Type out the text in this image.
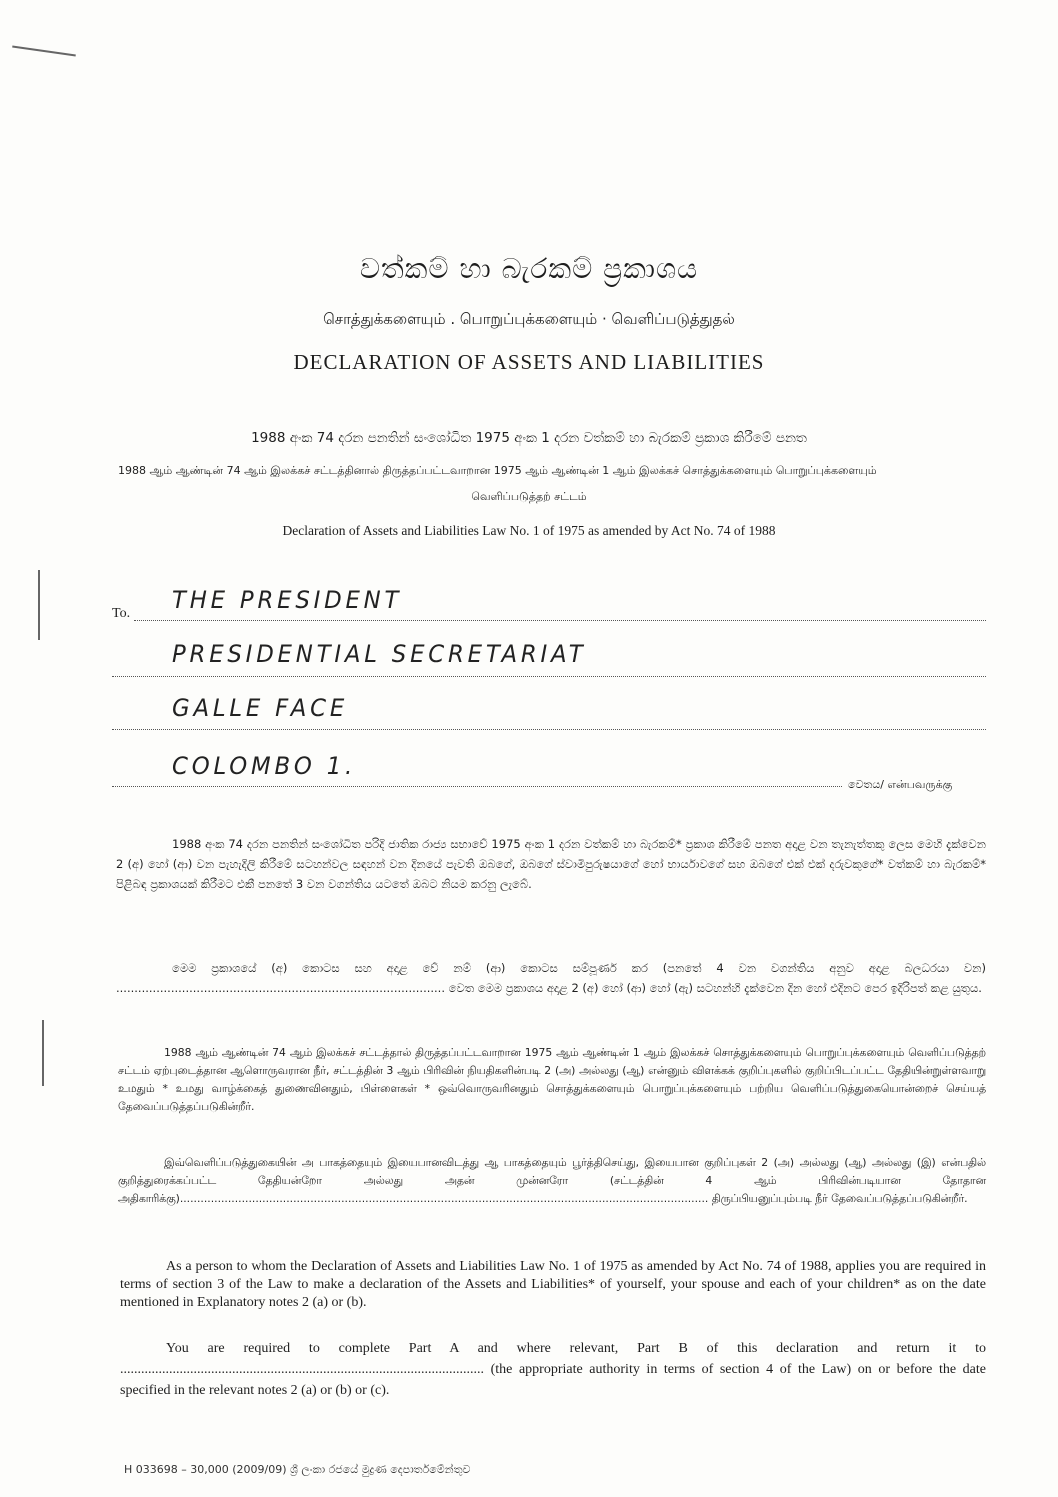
වත්කම් හා බැරකම් ප්‍රකාශය
சொத்துக்களையும் . பொறுப்புக்களையும் · வெளிப்படுத்துதல்
DECLARATION OF ASSETS AND LIABILITIES
1988 අංක 74 දරන පනතින් සංශෝධිත 1975 අංක 1 දරන වත්කම් හා බැරකම් ප්‍රකාශ කිරීමේ පනත
1988 ஆம் ஆண்டின் 74 ஆம் இலக்கச் சட்டத்தினால் திருத்தப்பட்டவாறான 1975 ஆம் ஆண்டின் 1 ஆம் இலக்கச் சொத்துக்களையும் பொறுப்புக்களையும்
வெளிப்படுத்தற் சட்டம்
Declaration of Assets and Liabilities Law No. 1 of 1975 as amended by Act No. 74 of 1988
To. THE PRESIDENT
PRESIDENTIAL SECRETARIAT
GALLE FACE
COLOMBO 1.
වෙතය/ என்பவருக்கு
1988 අංක 74 දරන පනතින් සංශෝධිත පරිදි ජාතික රාජ්‍ය සභාවේ 1975 අංක 1 දරන වත්කම් හා බැරකම්* ප්‍රකාශ කිරීමේ පනත අදාළ වන තැනැත්තකු ලෙස මෙහි දැක්වෙන 2 (අ) හෝ (ආ) වන පැහැදිලි කිරීමේ සටහන්වල සඳහන් වන දිනයේ පැවති ඔබගේ, ඔබගේ ස්වාමිපුරුෂයාගේ හෝ භාර්යාවගේ සහ ඔබගේ එක් එක් දරුවකුගේ* වත්කම් හා බැරකම්* පිළිබඳ ප්‍රකාශයක් කිරීමට එකී පනතේ 3 වන වගන්තිය යටතේ ඔබට නියම කරනු ලැබේ.
මෙම ප්‍රකාශයේ (අ) කොටස සහ අදාළ වේ නම් (ආ) කොටස සම්පූර්ණ කර (පනතේ 4 වන වගන්තිය අනුව අදාළ බලධරයා වන) .......................................................................................... වෙත මෙම ප්‍රකාශය අදාළ 2 (අ) හෝ (ආ) හෝ (ඇ) සටහන්හි දැක්වෙන දින හෝ එදිනට පෙර ඉදිරිපත් කළ යුතුය.
1988 ஆம் ஆண்டின் 74 ஆம் இலக்கச் சட்டத்தால் திருத்தப்பட்டவாறான 1975 ஆம் ஆண்டின் 1 ஆம் இலக்கச் சொத்துக்களையும் பொறுப்புக்களையும் வெளிப்படுத்தற் சட்டம் ஏற்புடைத்தான ஆளொருவரான நீர், சட்டத்தின் 3 ஆம் பிரிவின் நியதிகளின்படி 2 (அ) அல்லது (ஆ) என்னும் விளக்கக் குறிப்புகளில் குறிப்பிடப்பட்ட தேதியின்றுள்ளவாறு உமதும் * உமது வாழ்க்கைத் துணைவினதும், பிள்ளைகள் * ஒவ்வொருவரினதும் சொத்துக்களையும் பொறுப்புக்களையும் பற்றிய வெளிப்படுத்துகையொன்றைச் செய்யத் தேவைப்படுத்தப்படுகின்றீர்.
இவ்வெளிப்படுத்துகையின் அ பாகத்தையும் இயைபானவிடத்து ஆ பாகத்தையும் பூர்த்திசெய்து, இயைபான குறிப்புகள் 2 (அ) அல்லது (ஆ) அல்லது (இ) என்பதில் குறித்துரைக்கப்பட்ட தேதியன்றோ அல்லது அதன் முன்னரோ (சட்டத்தின் 4 ஆம் பிரிவின்படியான தோதான அதிகாரிக்கு).......................................................................................................................................................... திருப்பியனுப்பும்படி நீர் தேவைப்படுத்தப்படுகின்றீர்.
As a person to whom the Declaration of Assets and Liabilities Law No. 1 of 1975 as amended by Act No. 74 of 1988, applies you are required in terms of section 3 of the Law to make a declaration of the Assets and Liabilities* of yourself, your spouse and each of your children* as on the date mentioned in Explanatory notes 2 (a) or (b).
You are required to complete Part A and where relevant, Part B of this declaration and return it to ........................................................................................................ (the appropriate authority in terms of section 4 of the Law) on or before the date specified in the relevant notes 2 (a) or (b) or (c).
H 033698 – 30,000 (2009/09) ශ්‍රී ලංකා රජයේ මුද්‍රණ දෙපාර්තමේන්තුව
